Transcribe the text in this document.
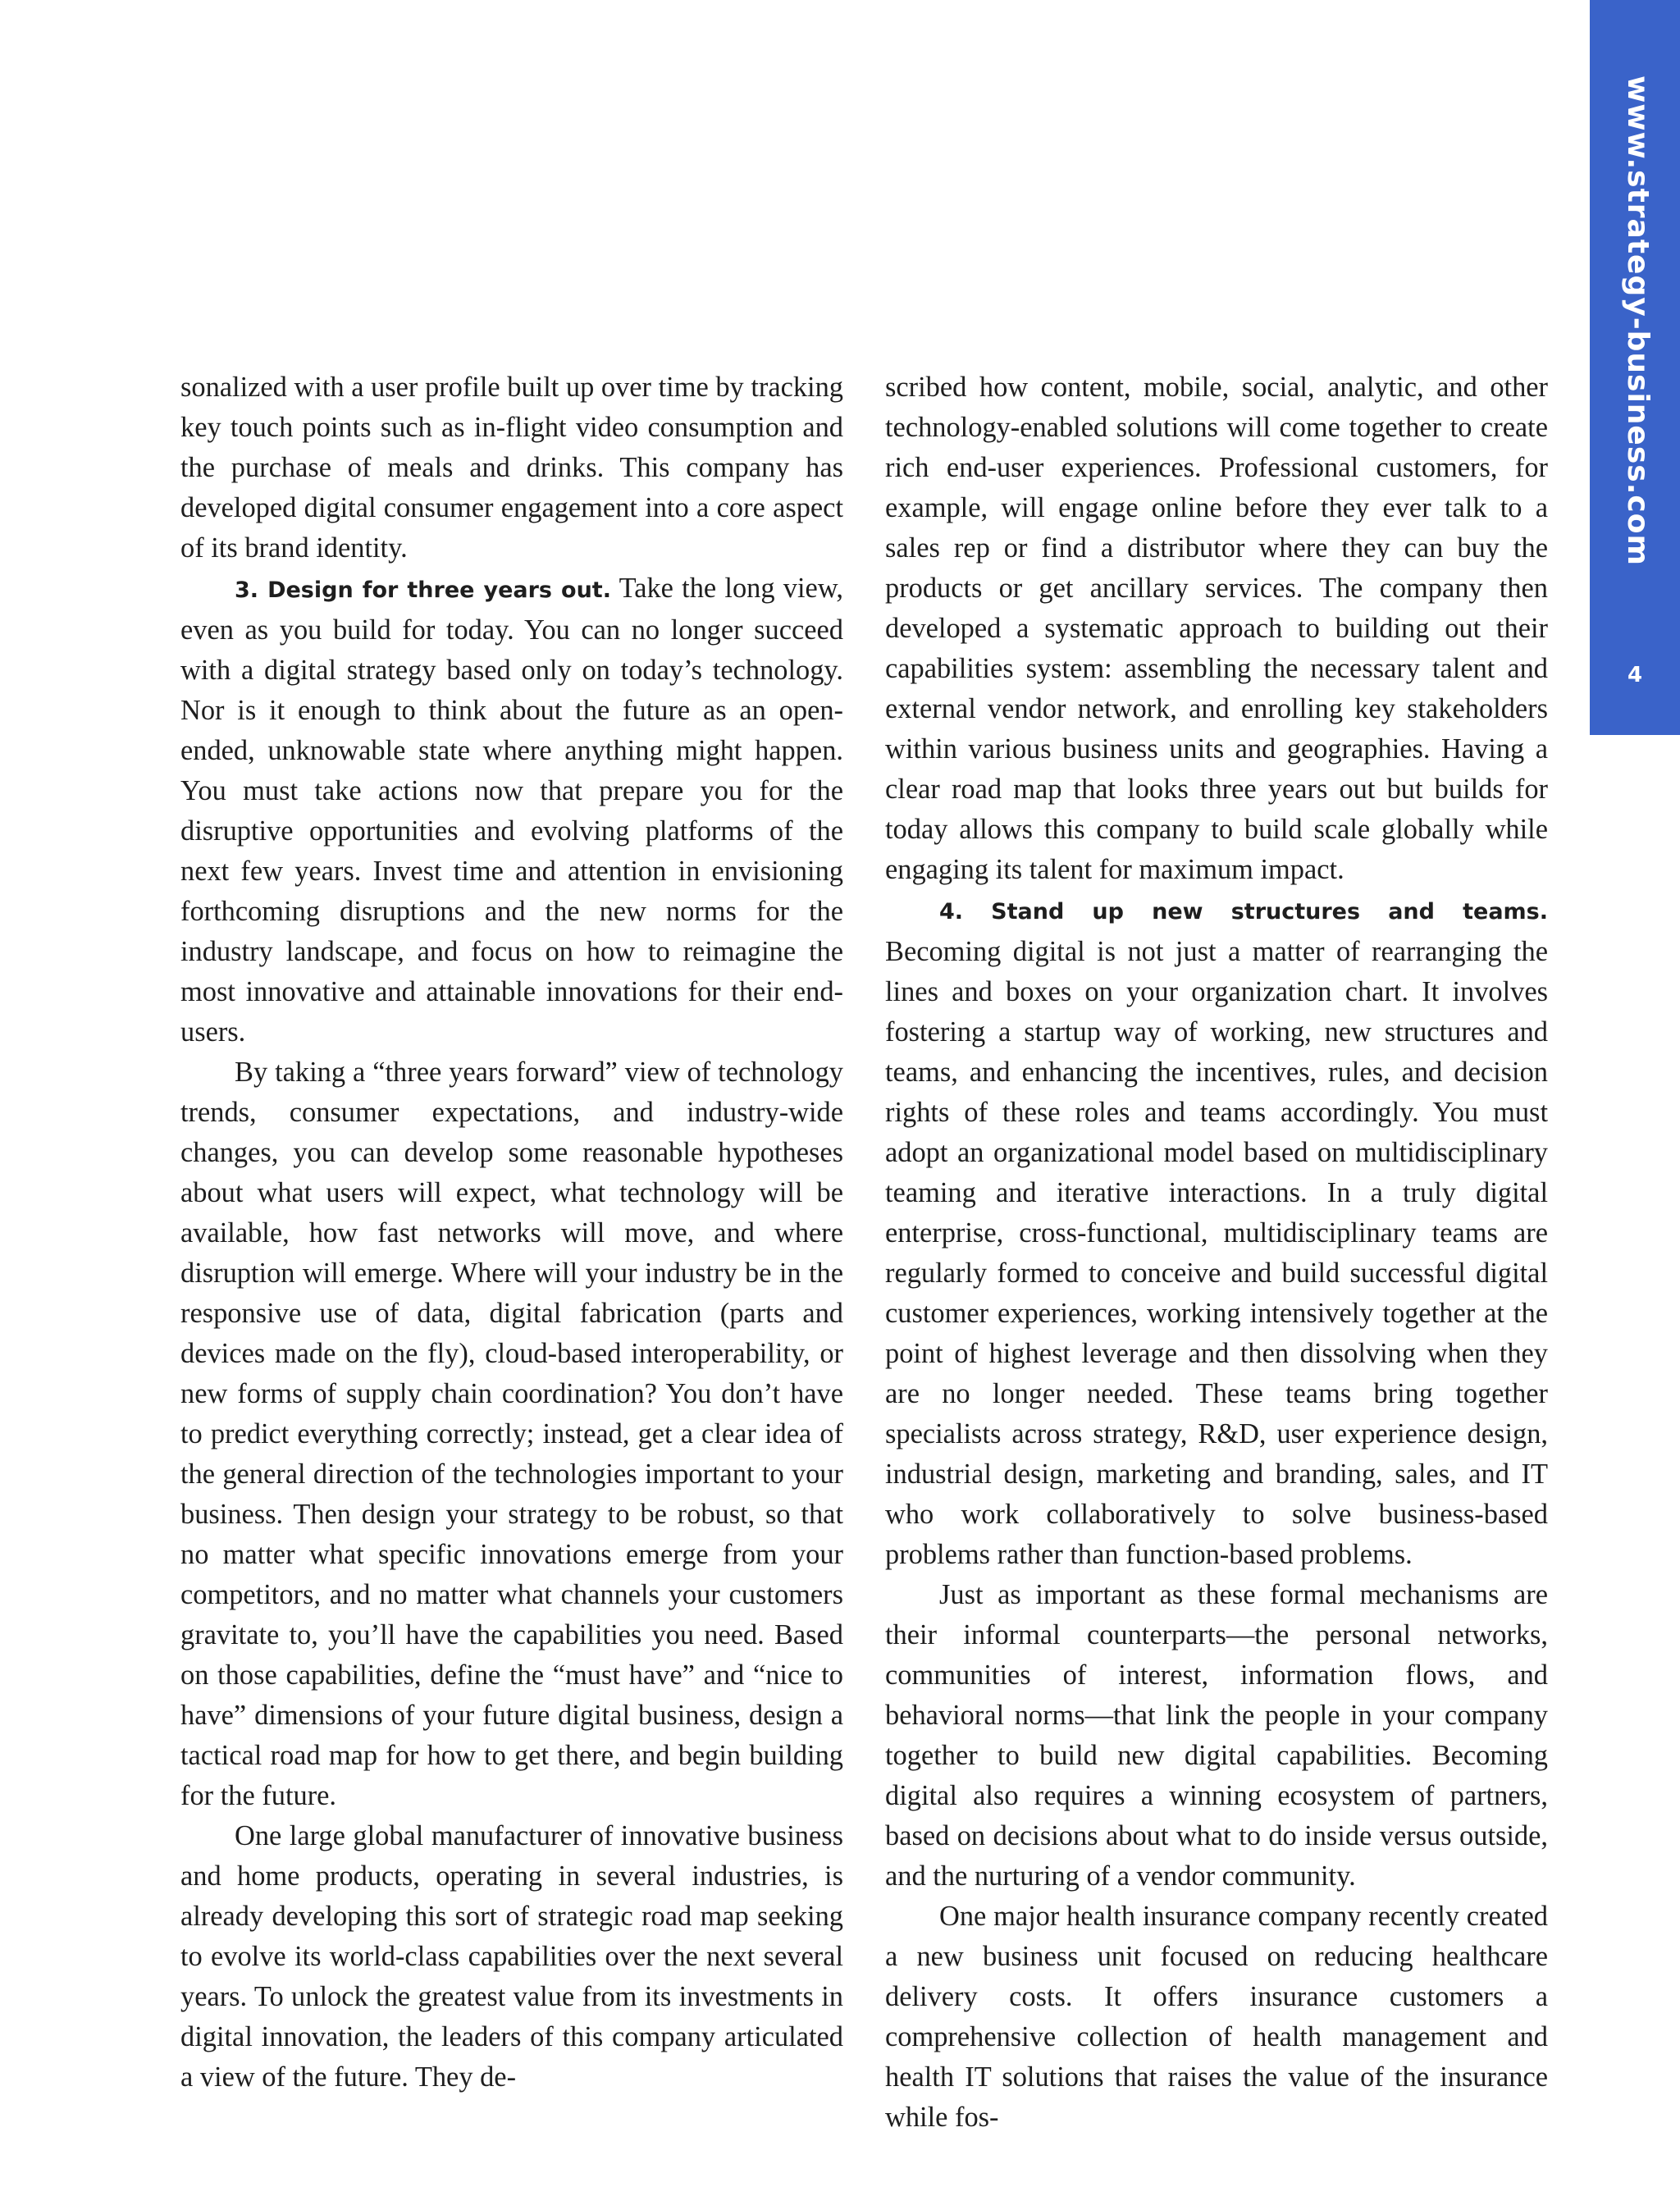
www.strategy-business.com
4

sonalized with a user profile built up over time by tracking key touch points such as in-flight video consumption and the purchase of meals and drinks. This company has developed digital consumer engagement into a core aspect of its brand identity.

3. Design for three years out. Take the long view, even as you build for today. You can no longer succeed with a digital strategy based only on today’s technology. Nor is it enough to think about the future as an open-ended, unknowable state where anything might happen. You must take actions now that prepare you for the disruptive opportunities and evolving platforms of the next few years. Invest time and attention in envisioning forthcoming disruptions and the new norms for the industry landscape, and focus on how to reimagine the most innovative and attainable innovations for their end-users.

By taking a “three years forward” view of technology trends, consumer expectations, and industry-wide changes, you can develop some reasonable hypotheses about what users will expect, what technology will be available, how fast networks will move, and where disruption will emerge. Where will your industry be in the responsive use of data, digital fabrication (parts and devices made on the fly), cloud-based interoperability, or new forms of supply chain coordination? You don’t have to predict everything correctly; instead, get a clear idea of the general direction of the technologies important to your business. Then design your strategy to be robust, so that no matter what specific innovations emerge from your competitors, and no matter what channels your customers gravitate to, you’ll have the capabilities you need. Based on those capabilities, define the “must have” and “nice to have” dimensions of your future digital business, design a tactical road map for how to get there, and begin building for the future.

One large global manufacturer of innovative business and home products, operating in several industries, is already developing this sort of strategic road map seeking to evolve its world-class capabilities over the next several years. To unlock the greatest value from its investments in digital innovation, the leaders of this company articulated a view of the future. They de-

scribed how content, mobile, social, analytic, and other technology-enabled solutions will come together to create rich end-user experiences. Professional customers, for example, will engage online before they ever talk to a sales rep or find a distributor where they can buy the products or get ancillary services. The company then developed a systematic approach to building out their capabilities system: assembling the necessary talent and external vendor network, and enrolling key stakeholders within various business units and geographies. Having a clear road map that looks three years out but builds for today allows this company to build scale globally while engaging its talent for maximum impact.

4. Stand up new structures and teams. Becoming digital is not just a matter of rearranging the lines and boxes on your organization chart. It involves fostering a startup way of working, new structures and teams, and enhancing the incentives, rules, and decision rights of these roles and teams accordingly. You must adopt an organizational model based on multidisciplinary teaming and iterative interactions. In a truly digital enterprise, cross-functional, multidisciplinary teams are regularly formed to conceive and build successful digital customer experiences, working intensively together at the point of highest leverage and then dissolving when they are no longer needed. These teams bring together specialists across strategy, R&D, user experience design, industrial design, marketing and branding, sales, and IT who work collaboratively to solve business-based problems rather than function-based problems.

Just as important as these formal mechanisms are their informal counterparts—the personal networks, communities of interest, information flows, and behavioral norms—that link the people in your company together to build new digital capabilities. Becoming digital also requires a winning ecosystem of partners, based on decisions about what to do inside versus outside, and the nurturing of a vendor community.

One major health insurance company recently created a new business unit focused on reducing healthcare delivery costs. It offers insurance customers a comprehensive collection of health management and health IT solutions that raises the value of the insurance while fos-
